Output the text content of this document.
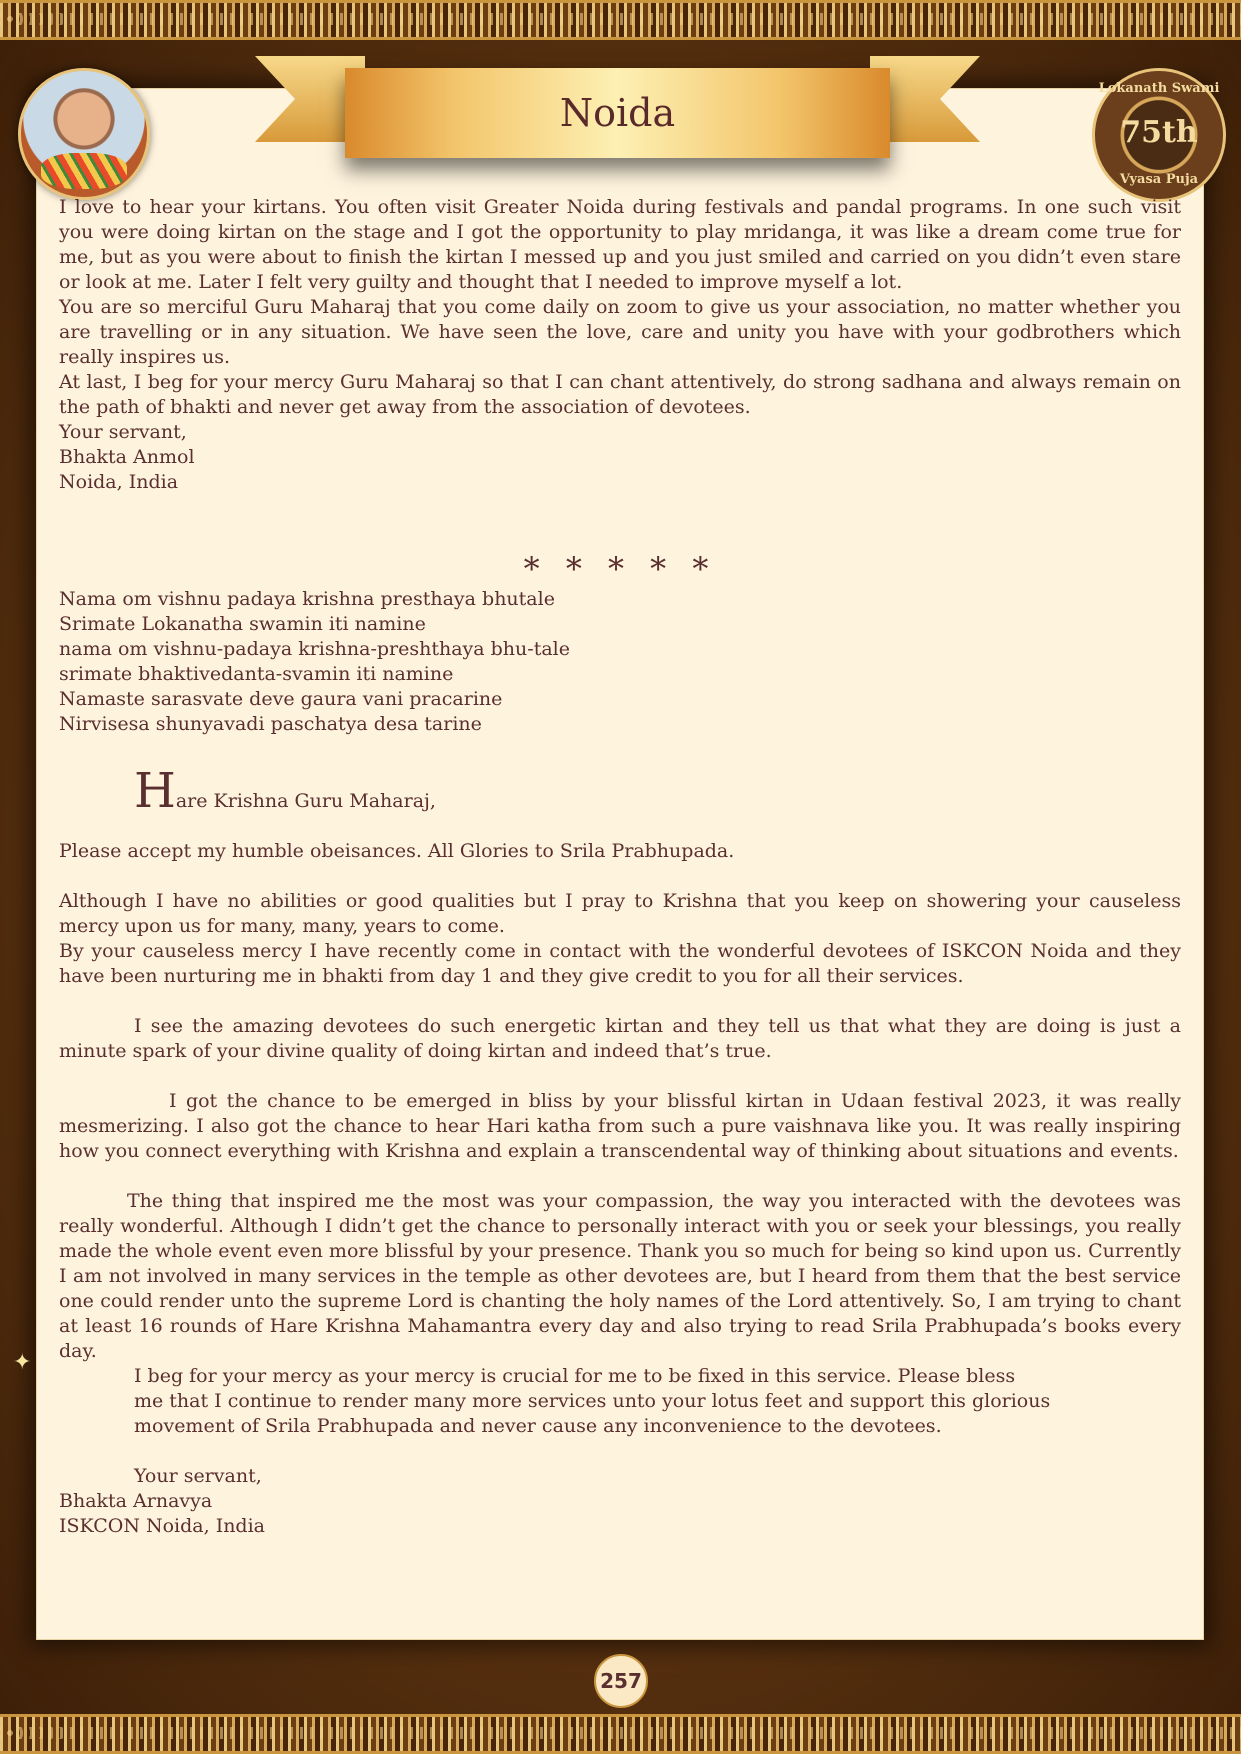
Noida
Lokanath Swami
75th
Vyasa Puja

I love to hear your kirtans. You often visit Greater Noida during festivals and pandal programs. In one such visit you were doing kirtan on the stage and I got the opportunity to play mridanga, it was like a dream come true for me, but as you were about to finish the kirtan I messed up and you just smiled and carried on you didn’t even stare or look at me. Later I felt very guilty and thought that I needed to improve myself a lot.

You are so merciful Guru Maharaj that you come daily on zoom to give us your association, no matter whether you are travelling or in any situation. We have seen the love, care and unity you have with your godbrothers which really inspires us.

At last, I beg for your mercy Guru Maharaj so that I can chant attentively, do strong sadhana and always remain on the path of bhakti and never get away from the association of devotees.

Your servant,

Bhakta Anmol

Noida, India

* * * * *

Nama om vishnu padaya krishna presthaya bhutale

Srimate Lokanatha swamin iti namine

nama om vishnu-padaya krishna-preshthaya bhu-tale

srimate bhaktivedanta-svamin iti namine

Namaste sarasvate deve gaura vani pracarine

Nirvisesa shunyavadi paschatya desa tarine

Hare Krishna Guru Maharaj,

Please accept my humble obeisances. All Glories to Srila Prabhupada.

Although I have no abilities or good qualities but I pray to Krishna that you keep on showering your causeless mercy upon us for many, many, years to come.

By your causeless mercy I have recently come in contact with the wonderful devotees of ISKCON Noida and they have been nurturing me in bhakti from day 1 and they give credit to you for all their services.

I see the amazing devotees do such energetic kirtan and they tell us that what they are doing is just a minute spark of your divine quality of doing kirtan and indeed that’s true.

I got the chance to be emerged in bliss by your blissful kirtan in Udaan festival 2023, it was really mesmerizing. I also got the chance to hear Hari katha from such a pure vaishnava like you. It was really inspiring how you connect everything with Krishna and explain a transcendental way of thinking about situations and events.

The thing that inspired me the most was your compassion, the way you interacted with the devotees was really wonderful. Although I didn’t get the chance to personally interact with you or seek your blessings, you really made the whole event even more blissful by your presence. Thank you so much for being so kind upon us. Currently I am not involved in many services in the temple as other devotees are, but I heard from them that the best service one could render unto the supreme Lord is chanting the holy names of the Lord attentively. So, I am trying to chant at least 16 rounds of Hare Krishna Mahamantra every day and also trying to read Srila Prabhupada’s books every day.

I beg for your mercy as your mercy is crucial for me to be fixed in this service. Please bless

me that I continue to render many more services unto your lotus feet and support this glorious

movement of Srila Prabhupada and never cause any inconvenience to the devotees.

Your servant,

Bhakta Arnavya

ISKCON Noida, India

✦
257
